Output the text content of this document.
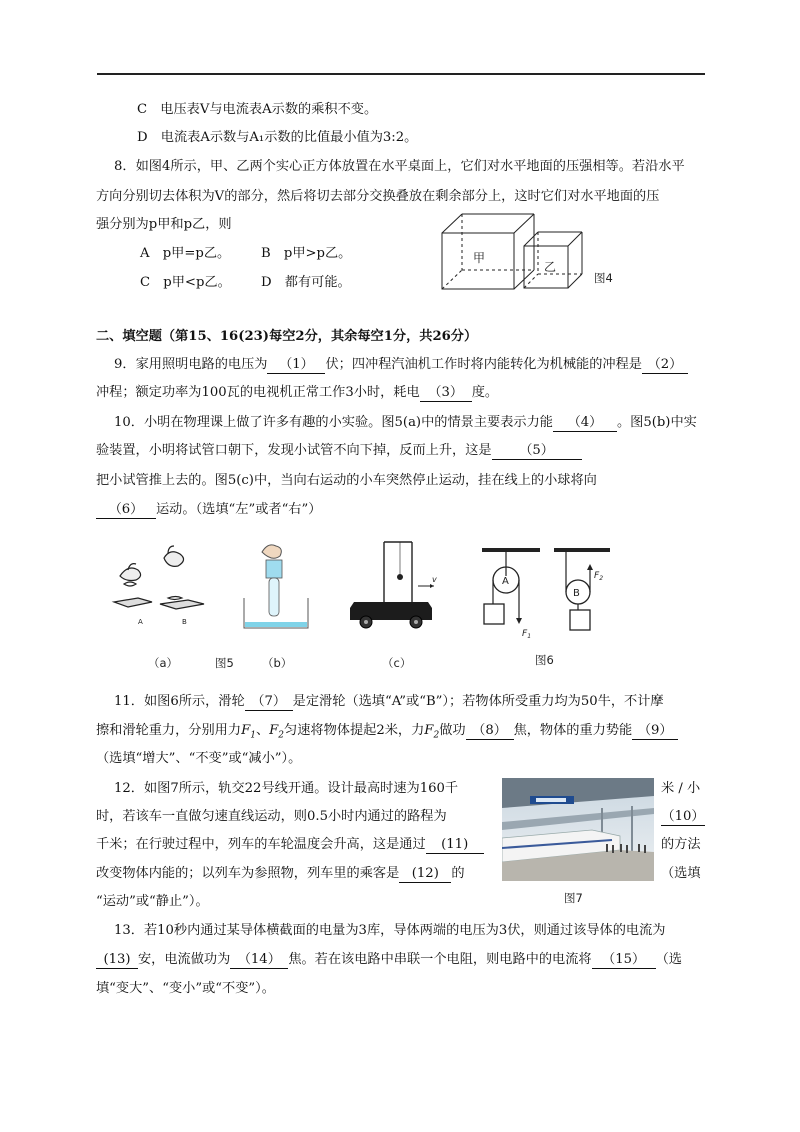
C　电压表V与电流表A示数的乘积不变。
D　电流表A示数与A₁示数的比值最小值为3:2。
8．如图4所示，甲、乙两个实心正方体放置在水平桌面上，它们对水平地面的压强相等。若沿水平
方向分别切去体积为V的部分，然后将切去部分交换叠放在剩余部分上，这时它们对水平地面的压
强分别为p甲和p乙，则
A　p甲=p乙。 B　p甲>p乙。
C　p甲<p乙。 D　都有可能。
甲
乙
图4
二、填空题（第15、16(23)每空2分，其余每空1分，共26分）
9．家用照明电路的电压为 （1） 伏；四冲程汽油机工作时将内能转化为机械能的冲程是 （2）
冲程；额定功率为100瓦的电视机正常工作3小时，耗电 （3） 度。
10．小明在物理课上做了许多有趣的小实验。图5(a)中的情景主要表示力能 （4） 。图5(b)中实
验装置，小明将试管口朝下，发现小试管不向下掉，反而上升，这是 （5）
把小试管推上去的。图5(c)中，当向右运动的小车突然停止运动，挂在线上的小球将向
（6） 运动。（选填“左”或者“右”）
A	B
v
（a）	图5 （b）	（c）
A
$F_1$
B
$F_2$
图6
11．如图6所示，滑轮 （7） 是定滑轮（选填“A”或“B”）；若物体所受重力均为50牛，不计摩
擦和滑轮重力，分别用力$F_1$、$F_2$匀速将物体提起2米，力$F_2$做功 （8） 焦，物体的重力势能 （9）
（选填“增大”、“不变”或“减小”）。
12．如图7所示，轨交22号线开通。设计最高时速为160千	米 / 小
时，若该车一直做匀速直线运动，则0.5小时内通过的路程为	（10）
千米；在行驶过程中，列车的车轮温度会升高，这是通过 (11)	的方法
改变物体内能的；以列车为参照物，列车里的乘客是 (12) 的	（选填
“运动”或“静止”）。	图7
13．若10秒内通过某导体横截面的电量为3库，导体两端的电压为3伏，则通过该导体的电流为
(13) 安，电流做功为 （14） 焦。若在该电路中串联一个电阻，则电路中的电流将 （15） （选
填“变大”、“变小”或“不变”）。
